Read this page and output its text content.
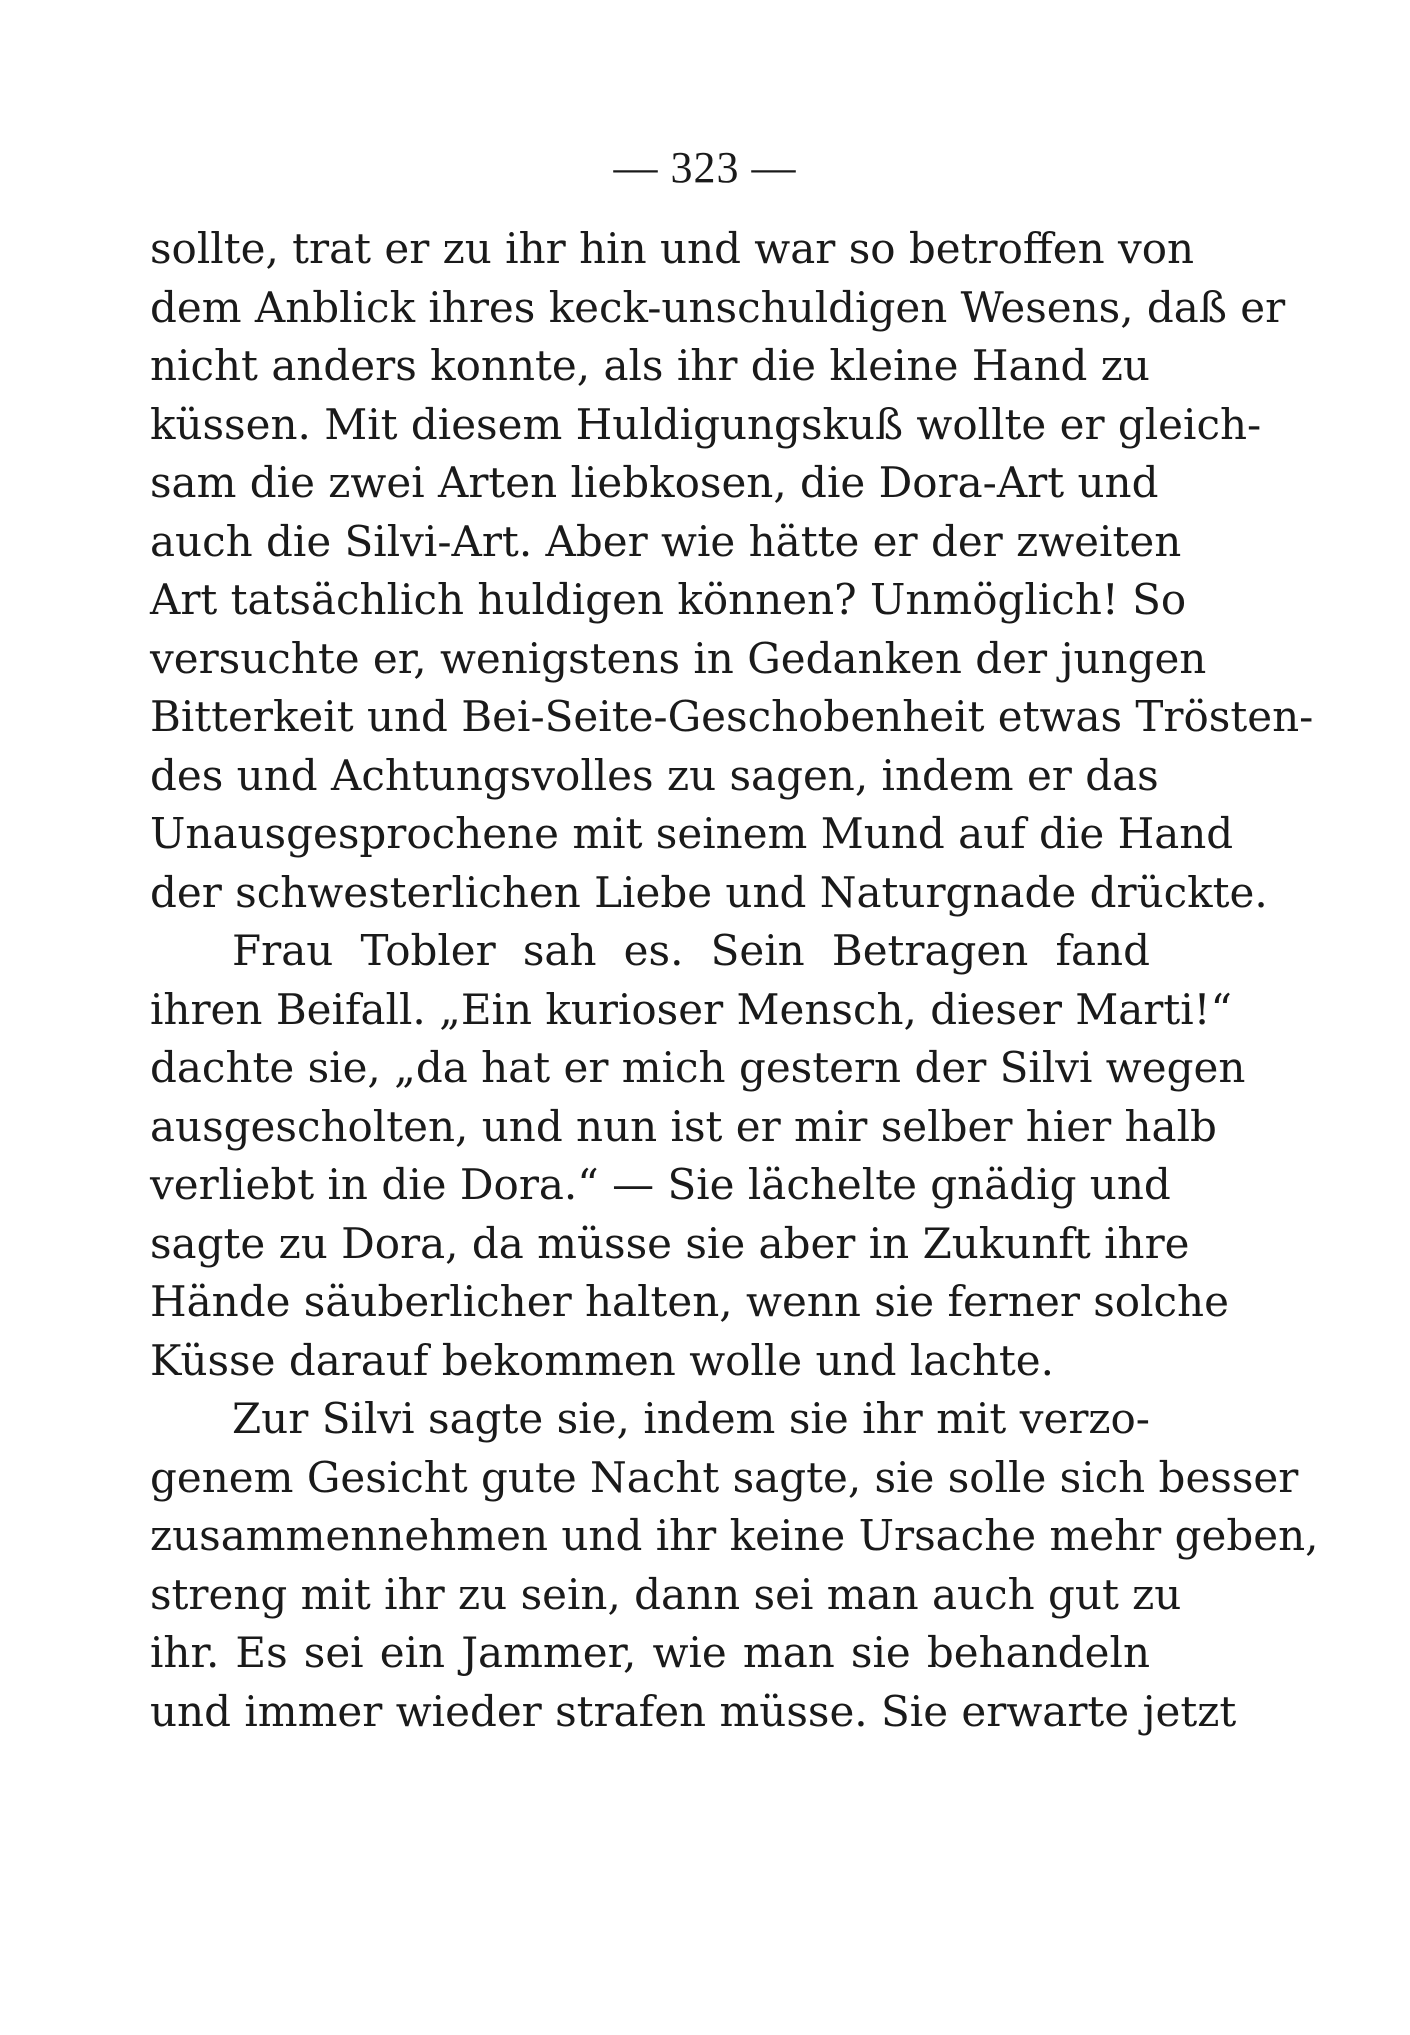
— 323 —
sollte, trat er zu ihr hin und war so betroffen von
dem Anblick ihres keck-unschuldigen Wesens, daß er
nicht anders konnte, als ihr die kleine Hand zu
küssen. Mit diesem Huldigungskuß wollte er gleich-
sam die zwei Arten liebkosen, die Dora-Art und
auch die Silvi-Art. Aber wie hätte er der zweiten
Art tatsächlich huldigen können? Unmöglich! So
versuchte er, wenigstens in Gedanken der jungen
Bitterkeit und Bei-Seite-Geschobenheit etwas Trösten-
des und Achtungsvolles zu sagen, indem er das
Unausgesprochene mit seinem Mund auf die Hand
der schwesterlichen Liebe und Naturgnade drückte.
Frau Tobler sah es. Sein Betragen fand
ihren Beifall. „Ein kurioser Mensch, dieser Marti!“
dachte sie, „da hat er mich gestern der Silvi wegen
ausgescholten, und nun ist er mir selber hier halb
verliebt in die Dora.“ — Sie lächelte gnädig und
sagte zu Dora, da müsse sie aber in Zukunft ihre
Hände säuberlicher halten, wenn sie ferner solche
Küsse darauf bekommen wolle und lachte.
Zur Silvi sagte sie, indem sie ihr mit verzo-
genem Gesicht gute Nacht sagte, sie solle sich besser
zusammennehmen und ihr keine Ursache mehr geben,
streng mit ihr zu sein, dann sei man auch gut zu
ihr. Es sei ein Jammer, wie man sie behandeln
und immer wieder strafen müsse. Sie erwarte jetzt
